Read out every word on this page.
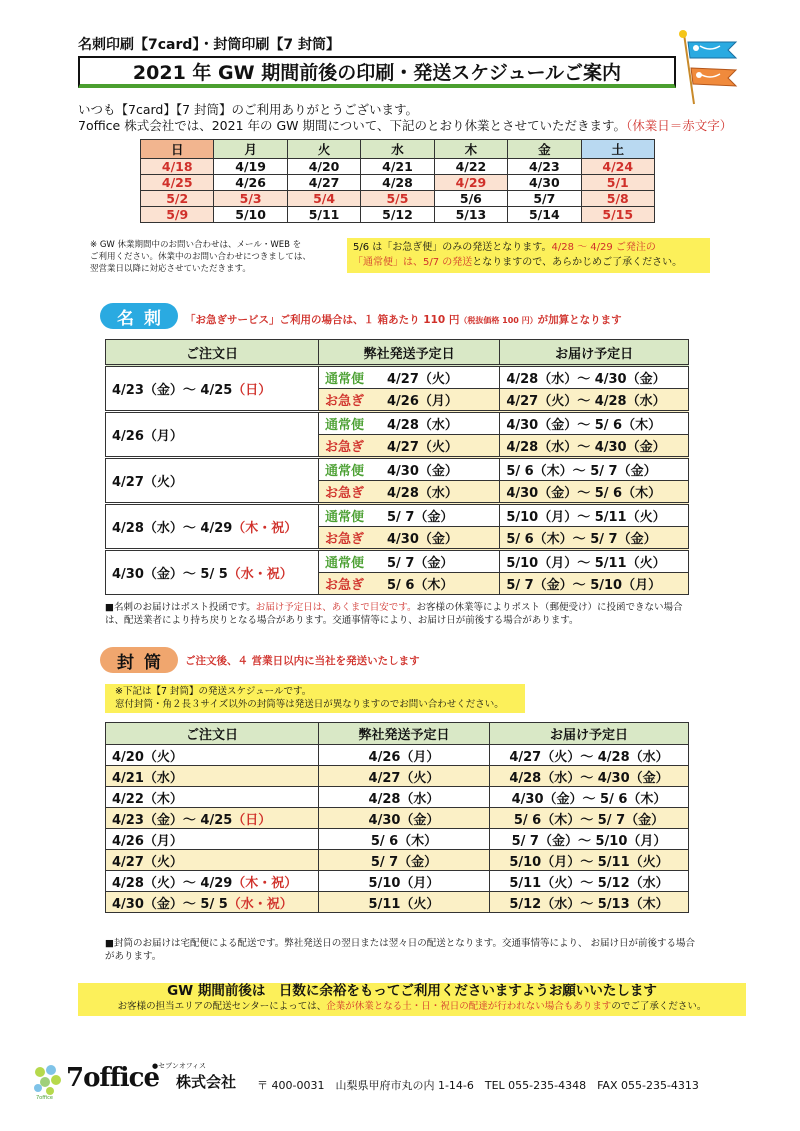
名刺印刷【7card】・封筒印刷【7 封筒】
2021 年 GW 期間前後の印刷・発送スケジュールご案内
いつも【7card】【7 封筒】のご利用ありがとうございます。
7office 株式会社では、2021 年の GW 期間について、下記のとおり休業とさせていただきます。（休業日＝赤文字）
日	月	火	水	木	金	土
4/18	4/19	4/20	4/21	4/22	4/23	4/24
4/25	4/26	4/27	4/28	4/29	4/30	5/1
5/2	5/3	5/4	5/5	5/6	5/7	5/8
5/9	5/10	5/11	5/12	5/13	5/14	5/15
※ GW 休業期間中のお問い合わせは、メール・WEB を
ご利用ください。休業中のお問い合わせにつきましては、
翌営業日以降に対応させていただきます。
5/6 は「お急ぎ便」のみの発送となります。4/28 ～ 4/29 ご発注の
「通常便」は、5/7 の発送となりますので、あらかじめご了承ください。
名刺	「お急ぎサービス」ご利用の場合は、１ 箱あたり 110 円（税抜価格 100 円）が加算となります
ご注文日	弊社発送予定日		お届け予定日
4/23（金）～ 4/25（日）	通常便	4/27（火）	4/28（水）～ 4/30（金）
	お急ぎ	4/26（月）	4/27（火）～ 4/28（水）
4/26（月）	通常便	4/28（水）	4/30（金）～ 5/ 6（木）
	お急ぎ	4/27（火）	4/28（水）～ 4/30（金）
4/27（火）	通常便	4/30（金）	5/ 6（木）～ 5/ 7（金）
	お急ぎ	4/28（水）	4/30（金）～ 5/ 6（木）
4/28（水）～ 4/29（木・祝）	通常便	5/ 7（金）	5/10（月）～ 5/11（火）
	お急ぎ	4/30（金）	5/ 6（木）～ 5/ 7（金）
4/30（金）～ 5/ 5（水・祝）	通常便	5/ 7（金）	5/10（月）～ 5/11（火）
	お急ぎ	5/ 6（木）	5/ 7（金）～ 5/10（月）
■名刺のお届けはポスト投函です。お届け予定日は、あくまで目安です。お客様の休業等によりポスト（郵便受け）に投函できない場合は、配送業者により持ち戻りとなる場合があります。交通事情等により、お届け日が前後する場合があります。
封筒	ご注文後、４ 営業日以内に当社を発送いたします
※下記は【7 封筒】の発送スケジュールです。
窓付封筒・角２長３サイズ以外の封筒等は発送日が異なりますのでお問い合わせください。
ご注文日	弊社発送予定日	お届け予定日
4/20（火）	4/26（月）	4/27（火）～ 4/28（水）
4/21（水）	4/27（火）	4/28（水）～ 4/30（金）
4/22（木）	4/28（水）	4/30（金）～ 5/ 6（木）
4/23（金）～ 4/25（日）	4/30（金）	5/ 6（木）～ 5/ 7（金）
4/26（月）	5/ 6（木）	5/ 7（金）～ 5/10（月）
4/27（火）	5/ 7（金）	5/10（月）～ 5/11（火）
4/28（火）～ 4/29（木・祝）	5/10（月）	5/11（火）～ 5/12（水）
4/30（金）～ 5/ 5（水・祝）	5/11（火）	5/12（水）～ 5/13（木）
■封筒のお届けは宅配便による配送です。弊社発送日の翌日または翌々日の配送となります。交通事情等により、 お届け日が前後する場合があります。
GW 期間前後は　日数に余裕をもってご利用くださいますようお願いいたします
お客様の担当エリアの配送センターによっては、企業が休業となる土・日・祝日の配達が行われない場合もありますのでご了承ください。
7office
●セブンオフィス
株式会社
7office
〒 400-0031　山梨県甲府市丸の内 1-14-6　TEL 055-235-4348　FAX 055-235-4313
